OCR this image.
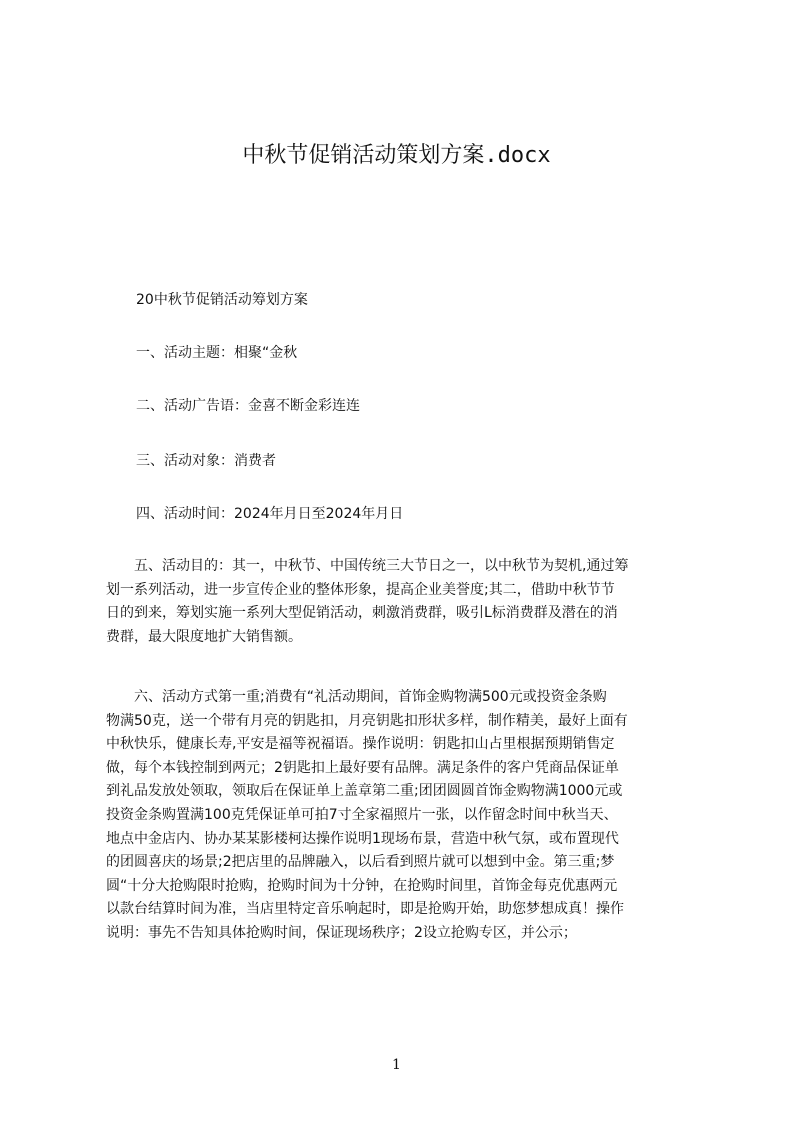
中秋节促销活动策划方案.docx
20中秋节促销活动筹划方案
一、活动主题：相聚“金秋
二、活动广告语：金喜不断金彩连连
三、活动对象：消费者
四、活动时间：2024年月日至2024年月日
　　五、活动目的：其一，中秋节、中国传统三大节日之一，以中秋节为契机,通过筹
划一系列活动，进一步宣传企业的整体形象，提高企业美誉度;其二，借助中秋节节
日的到来，筹划实施一系列大型促销活动，刺激消费群，吸引L标消费群及潜在的消
费群，最大限度地扩大销售额。
　　六、活动方式第一重;消费有“礼活动期间，首饰金购物满500元或投资金条购
物满50克，送一个带有月亮的钥匙扣，月亮钥匙扣形状多样，制作精美，最好上面有
中秋快乐，健康长寿,平安是福等祝福语。操作说明：钥匙扣山占里根据预期销售定
做，每个本钱控制到两元；2钥匙扣上最好要有品牌。满足条件的客户凭商品保证单
到礼品发放处领取，领取后在保证单上盖章第二重;团团圆圆首饰金购物满1000元或
投资金条购置满100克凭保证单可拍7寸全家福照片一张，以作留念时间中秋当天、
地点中金店内、协办某某影楼柯达操作说明1现场布景，营造中秋气氛，或布置现代
的团圆喜庆的场景;2把店里的品牌融入，以后看到照片就可以想到中金。第三重;梦
圆“十分大抢购限时抢购，抢购时间为十分钟，在抢购时间里，首饰金每克优惠两元
以款台结算时间为准，当店里特定音乐响起时，即是抢购开始，助您梦想成真！操作
说明：事先不告知具体抢购时间，保证现场秩序；2设立抢购专区，并公示；
1
